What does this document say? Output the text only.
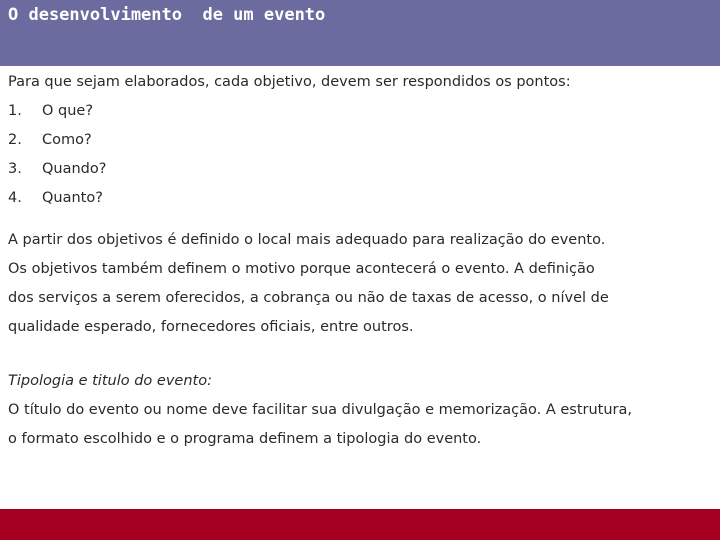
O desenvolvimento  de um evento
Para que sejam elaborados, cada objetivo, devem ser respondidos os pontos:
1. O que?
2. Como?
3. Quando?
4. Quanto?
A partir dos objetivos é definido o local mais adequado para realização do evento.
Os objetivos também definem o motivo porque acontecerá o evento. A definição
dos serviços a serem oferecidos, a cobrança ou não de taxas de acesso, o nível de
qualidade esperado, fornecedores oficiais, entre outros.
Tipologia e titulo do evento:
O título do evento ou nome deve facilitar sua divulgação e memorização. A estrutura,
o formato escolhido e o programa definem a tipologia do evento.
